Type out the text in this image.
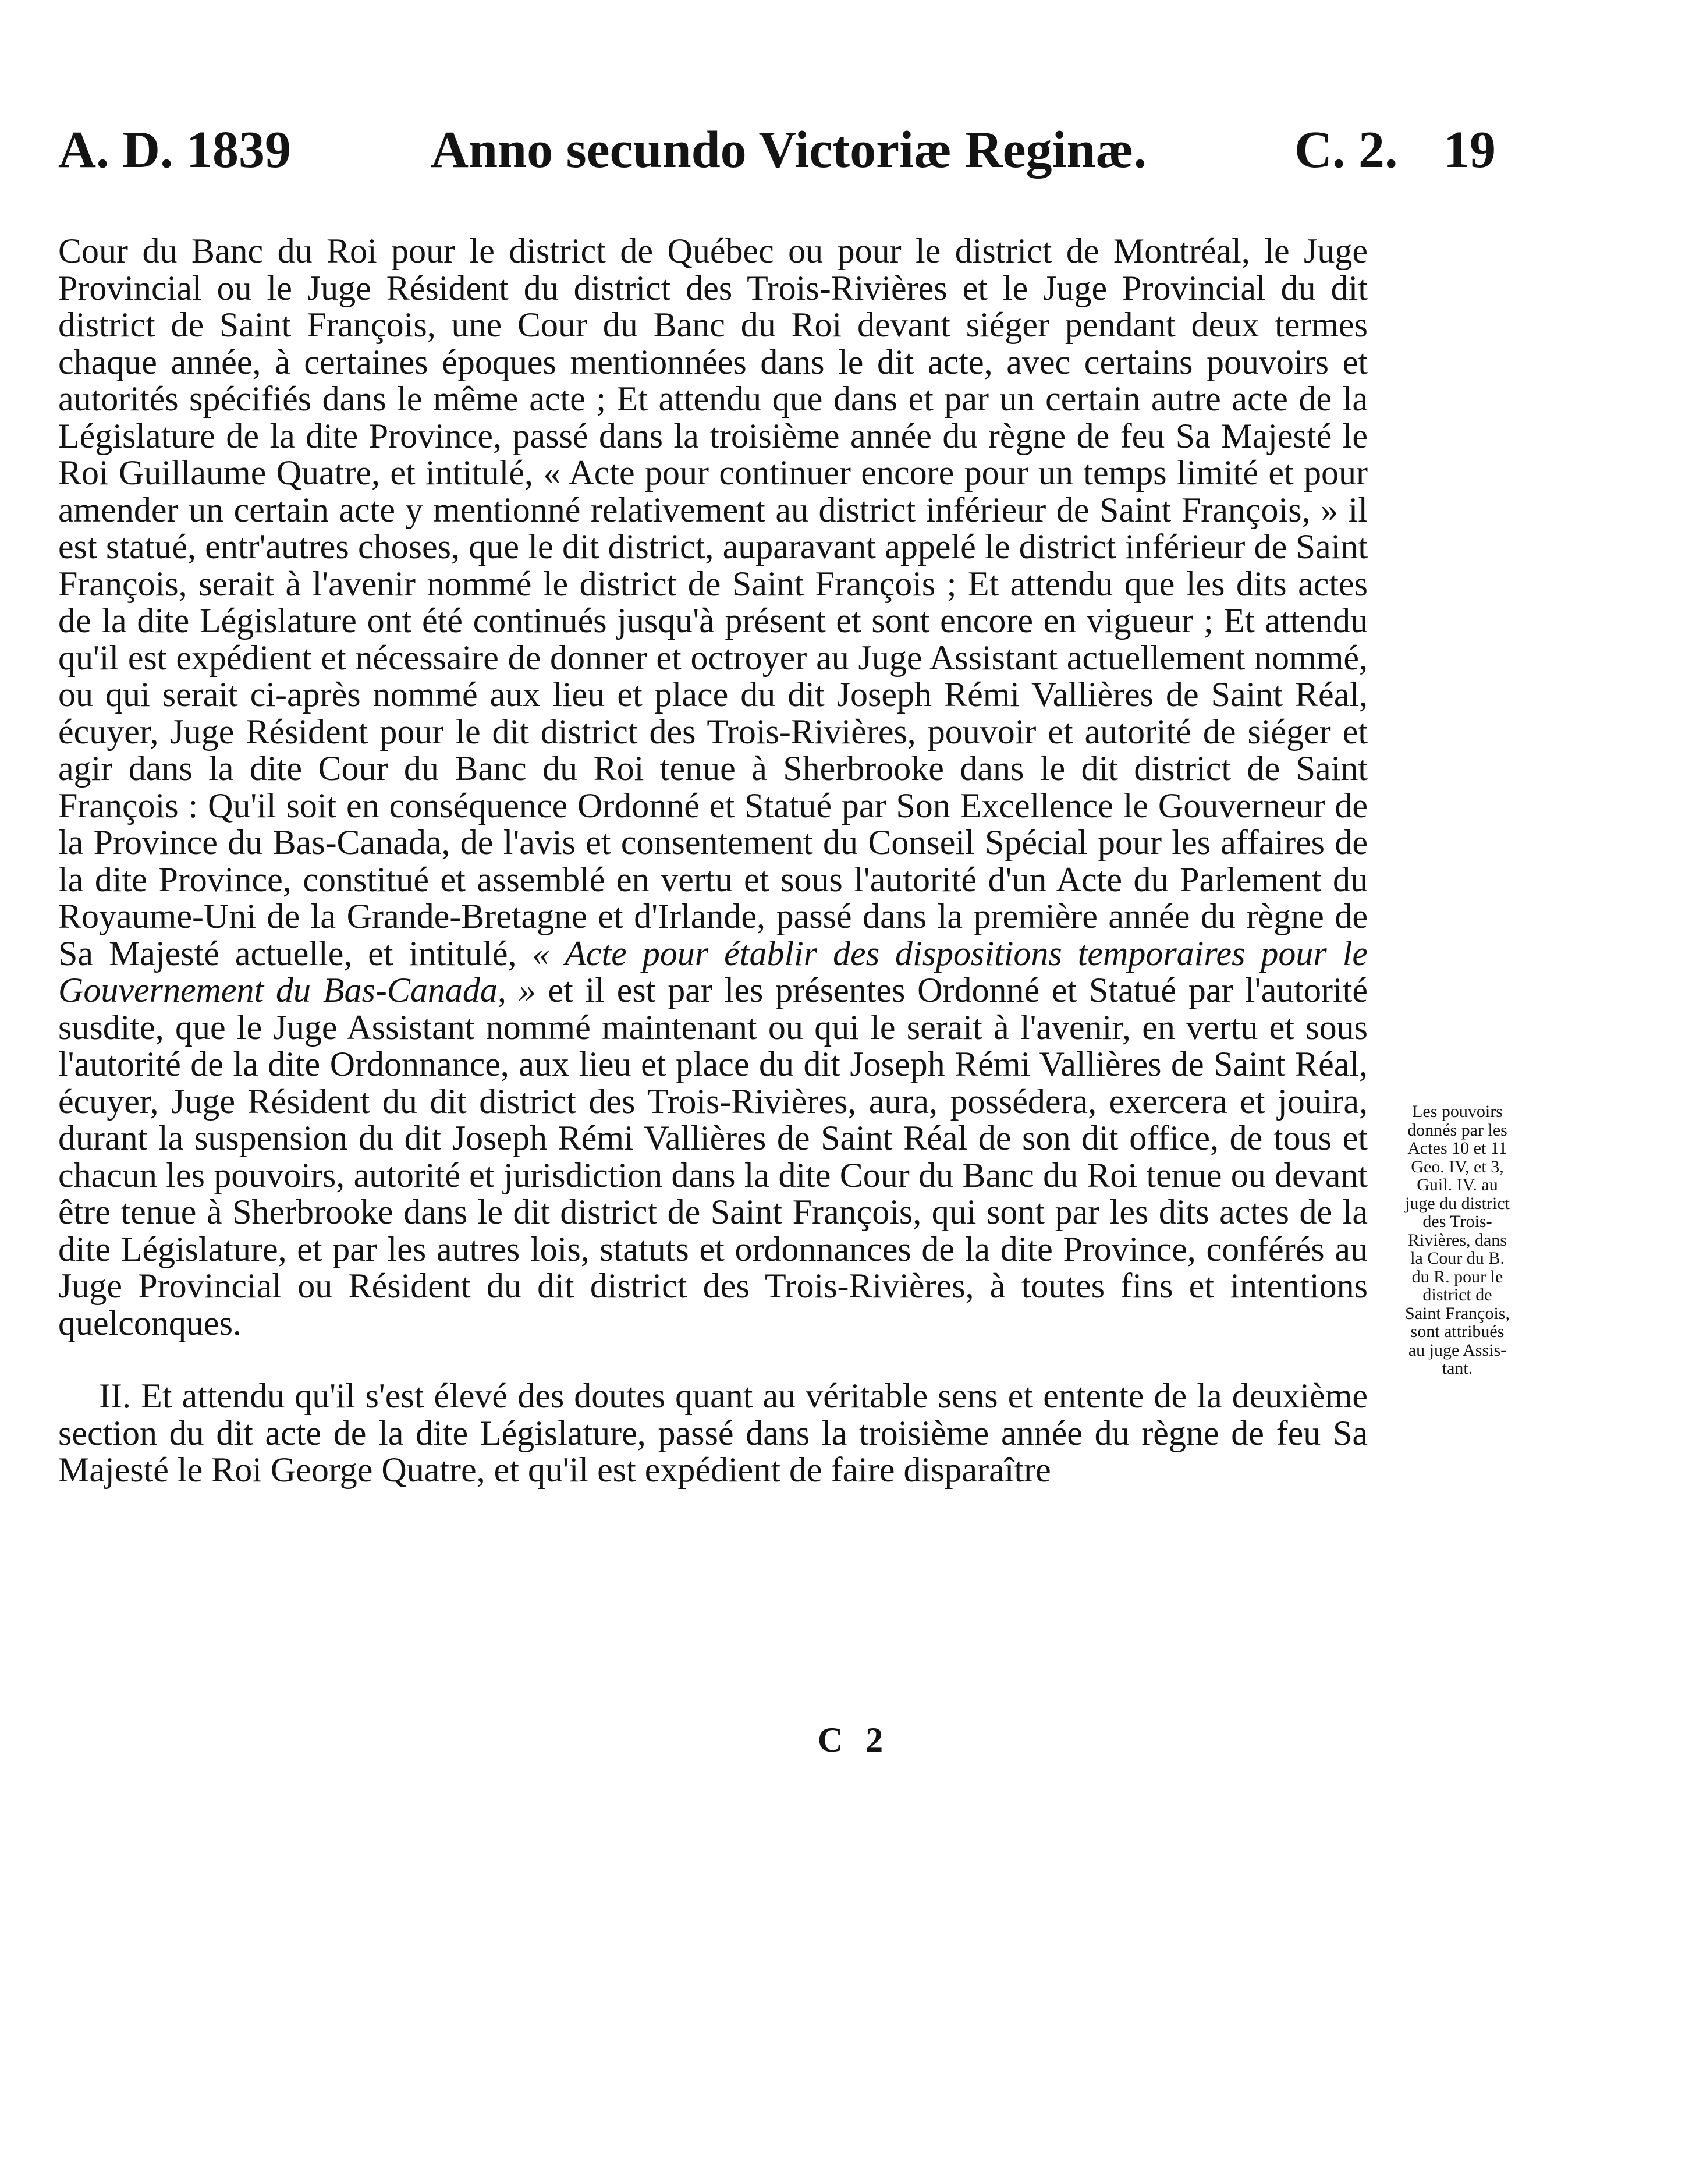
A. D. 1839	Anno secundo Victoriæ Reginæ.	C. 2. 19

Cour du Banc du Roi pour le district de Québec ou pour le district de Montréal, le Juge Provincial ou le Juge Résident du district des Trois-Rivières et le Juge Provincial du dit district de Saint François, une Cour du Banc du Roi devant siéger pendant deux termes chaque année, à certaines époques mentionnées dans le dit acte, avec certains pouvoirs et autorités spécifiés dans le même acte ; Et attendu que dans et par un certain autre acte de la Législature de la dite Province, passé dans la troisième année du règne de feu Sa Majesté le Roi Guillaume Quatre, et intitulé, « Acte pour continuer encore pour un temps limité et pour amender un certain acte y mentionné relativement au district inférieur de Saint François, » il est statué, entr'autres choses, que le dit district, auparavant appelé le district inférieur de Saint François, serait à l'avenir nommé le district de Saint François ; Et attendu que les dits actes de la dite Législature ont été continués jusqu'à présent et sont encore en vigueur ; Et attendu qu'il est expédient et nécessaire de donner et octroyer au Juge Assistant actuellement nommé, ou qui serait ci-après nommé aux lieu et place du dit Joseph Rémi Vallières de Saint Réal, écuyer, Juge Résident pour le dit district des Trois-Rivières, pouvoir et autorité de siéger et agir dans la dite Cour du Banc du Roi tenue à Sherbrooke dans le dit district de Saint François : Qu'il soit en conséquence Ordonné et Statué par Son Excellence le Gouverneur de la Province du Bas-Canada, de l'avis et consentement du Conseil Spécial pour les affaires de la dite Province, constitué et assemblé en vertu et sous l'autorité d'un Acte du Parlement du Royaume-Uni de la Grande-Bretagne et d'Irlande, passé dans la première année du règne de Sa Majesté actuelle, et intitulé, « Acte pour établir des dispositions temporaires pour le Gouvernement du Bas-Canada, » et il est par les présentes Ordonné et Statué par l'autorité susdite, que le Juge Assistant nommé maintenant ou qui le serait à l'avenir, en vertu et sous l'autorité de la dite Ordonnance, aux lieu et place du dit Joseph Rémi Vallières de Saint Réal, écuyer, Juge Résident du dit district des Trois-Rivières, aura, possédera, exercera et jouira, durant la suspension du dit Joseph Rémi Vallières de Saint Réal de son dit office, de tous et chacun les pouvoirs, autorité et jurisdiction dans la dite Cour du Banc du Roi tenue ou devant être tenue à Sherbrooke dans le dit district de Saint François, qui sont par les dits actes de la dite Législature, et par les autres lois, statuts et ordonnances de la dite Province, conférés au Juge Provincial ou Résident du dit district des Trois-Rivières, à toutes fins et intentions quelconques.

II. Et attendu qu'il s'est élevé des doutes quant au véritable sens et entente de la deuxième section du dit acte de la dite Législature, passé dans la troisième année du règne de feu Sa Majesté le Roi George Quatre, et qu'il est expédient de faire disparaître

Les pouvoirs

donnés par les

Actes 10 et 11

Geo. IV, et 3,

Guil. IV. au

juge du district

des Trois-

Rivières, dans

la Cour du B.

du R. pour le

district de

Saint François,

sont attribués

au juge Assis-

tant.

C 2
